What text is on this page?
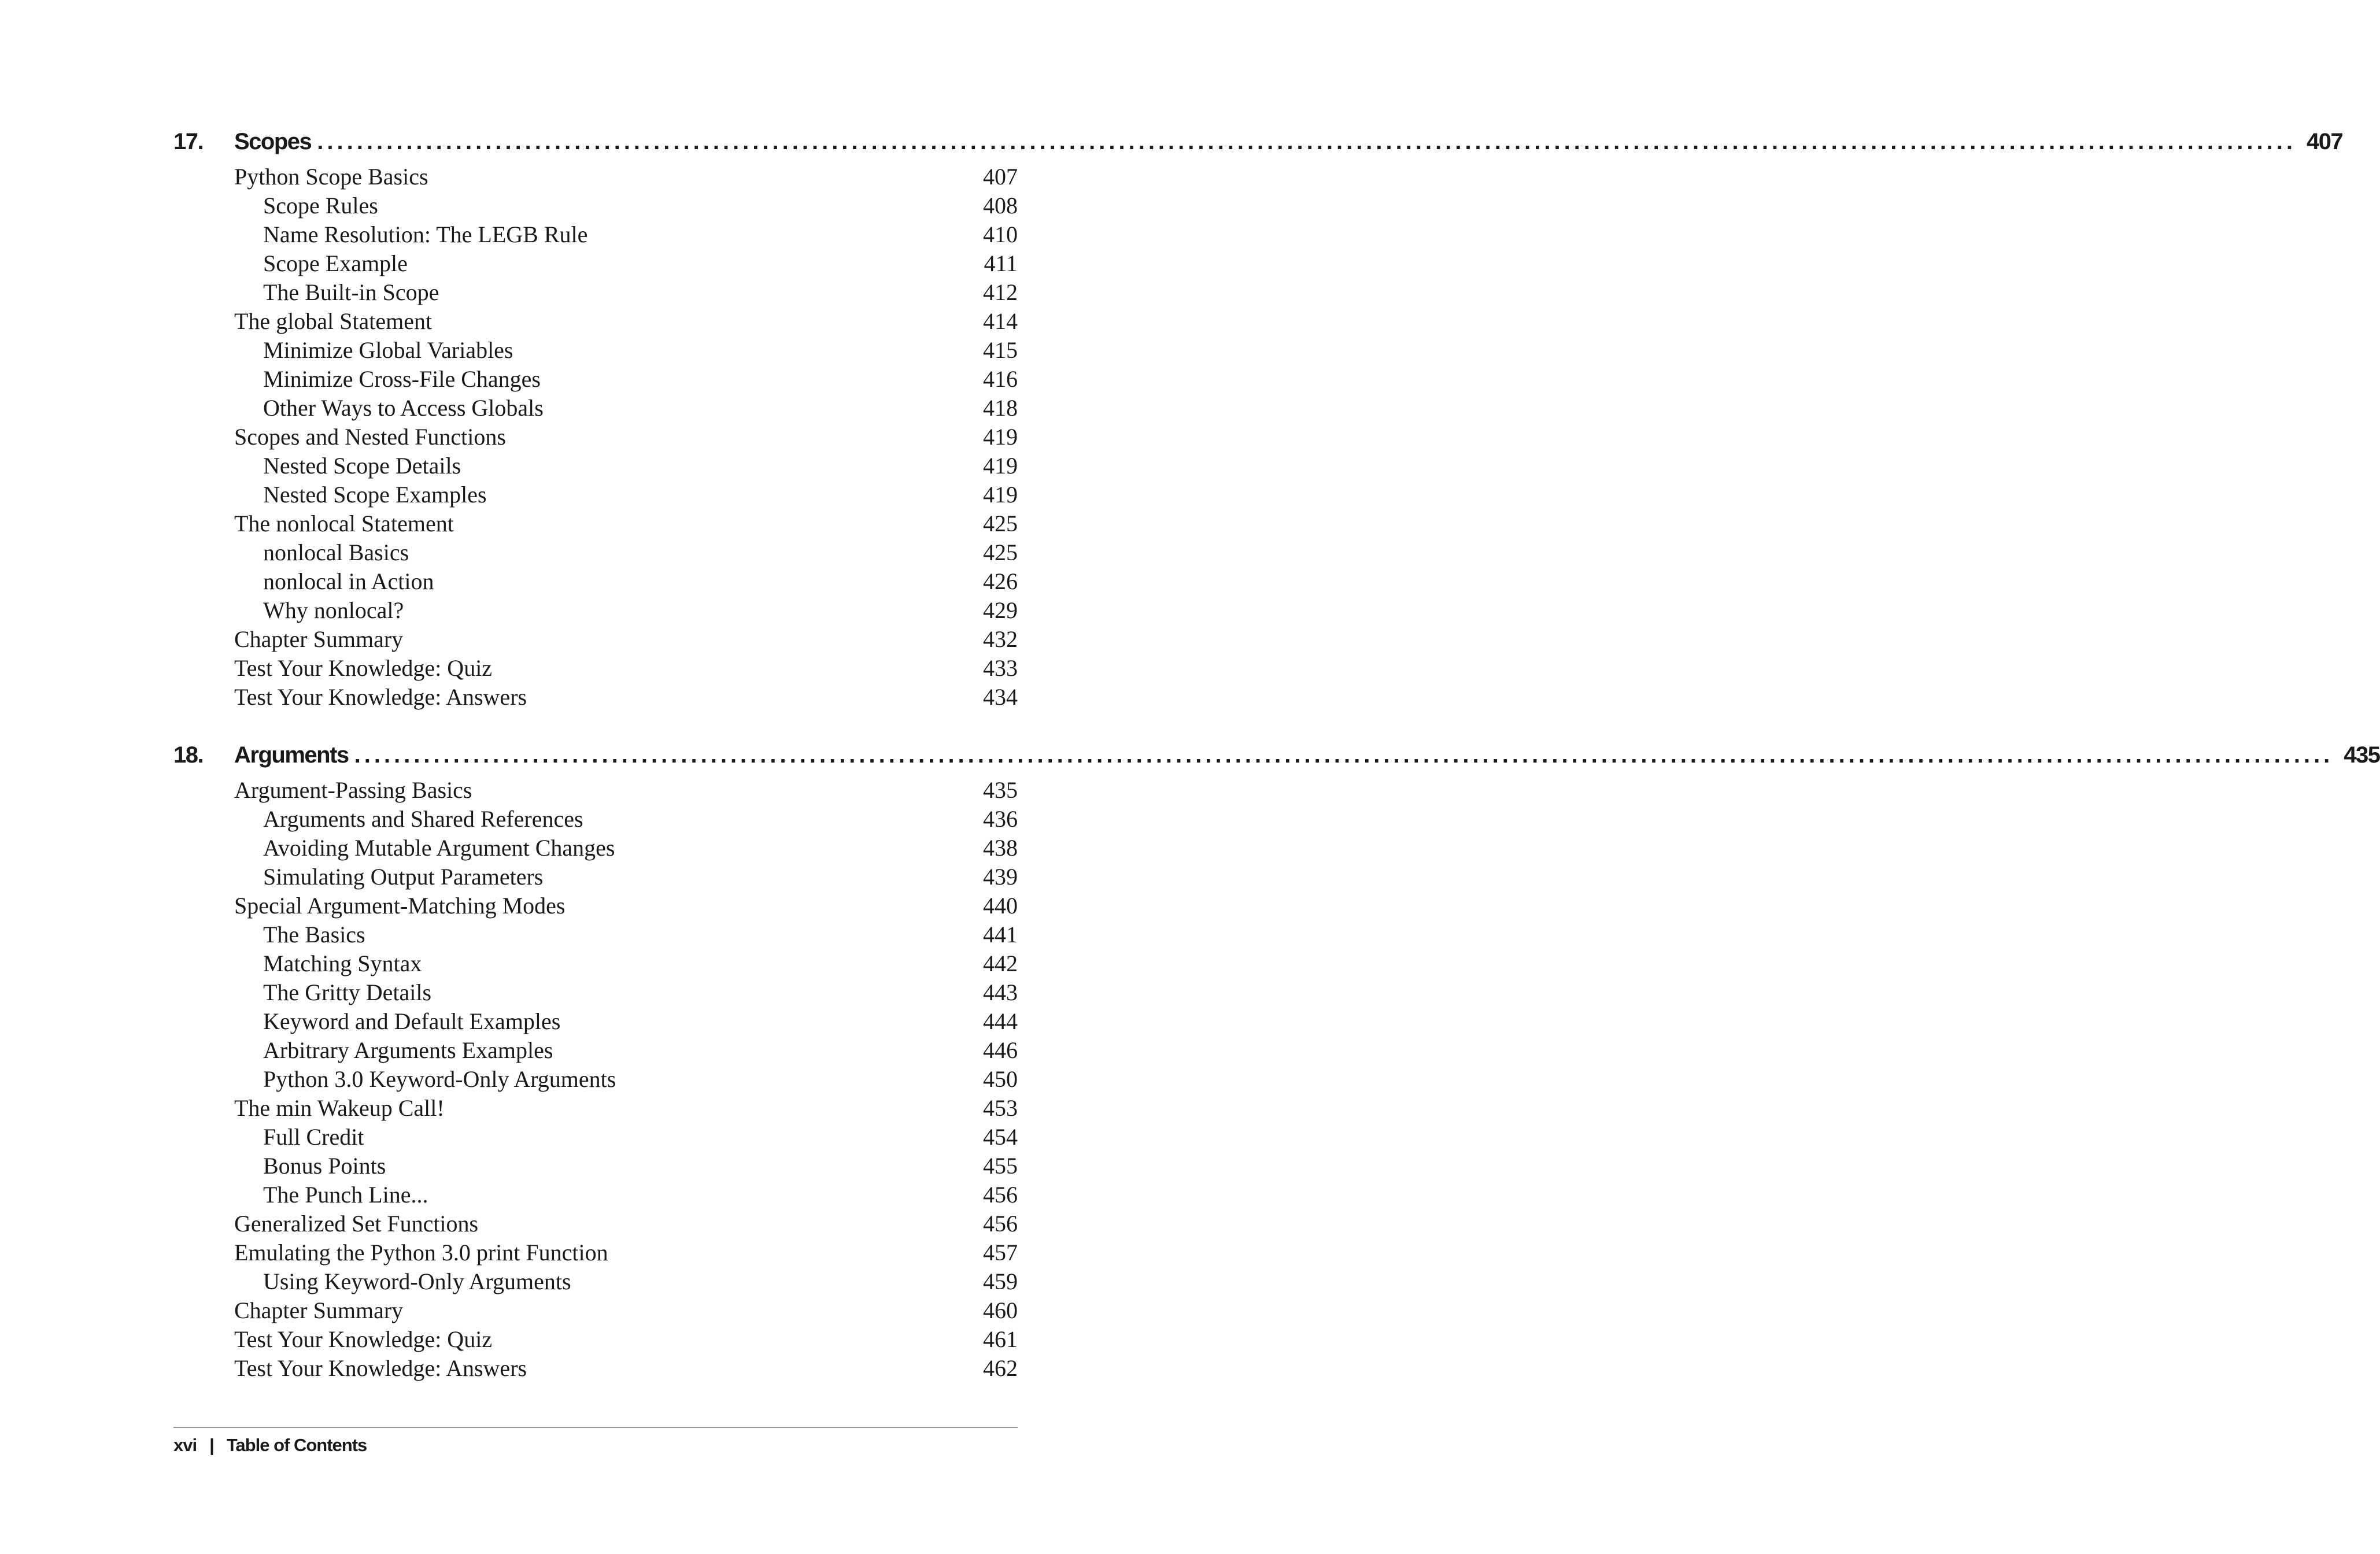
17.	Scopes ........................................................................................................................................................................................................ 407
Python Scope Basics	407
Scope Rules	408
Name Resolution: The LEGB Rule	410
Scope Example	411
The Built-in Scope	412
The global Statement	414
Minimize Global Variables	415
Minimize Cross-File Changes	416
Other Ways to Access Globals	418
Scopes and Nested Functions	419
Nested Scope Details	419
Nested Scope Examples	419
The nonlocal Statement	425
nonlocal Basics	425
nonlocal in Action	426
Why nonlocal?	429
Chapter Summary	432
Test Your Knowledge: Quiz	433
Test Your Knowledge: Answers	434
18.	Arguments ........................................................................................................................................................................................................ 435
Argument-Passing Basics	435
Arguments and Shared References	436
Avoiding Mutable Argument Changes	438
Simulating Output Parameters	439
Special Argument-Matching Modes	440
The Basics	441
Matching Syntax	442
The Gritty Details	443
Keyword and Default Examples	444
Arbitrary Arguments Examples	446
Python 3.0 Keyword-Only Arguments	450
The min Wakeup Call!	453
Full Credit	454
Bonus Points	455
The Punch Line...	456
Generalized Set Functions	456
Emulating the Python 3.0 print Function	457
Using Keyword-Only Arguments	459
Chapter Summary	460
Test Your Knowledge: Quiz	461
Test Your Knowledge: Answers	462
xvi | Table of Contents
